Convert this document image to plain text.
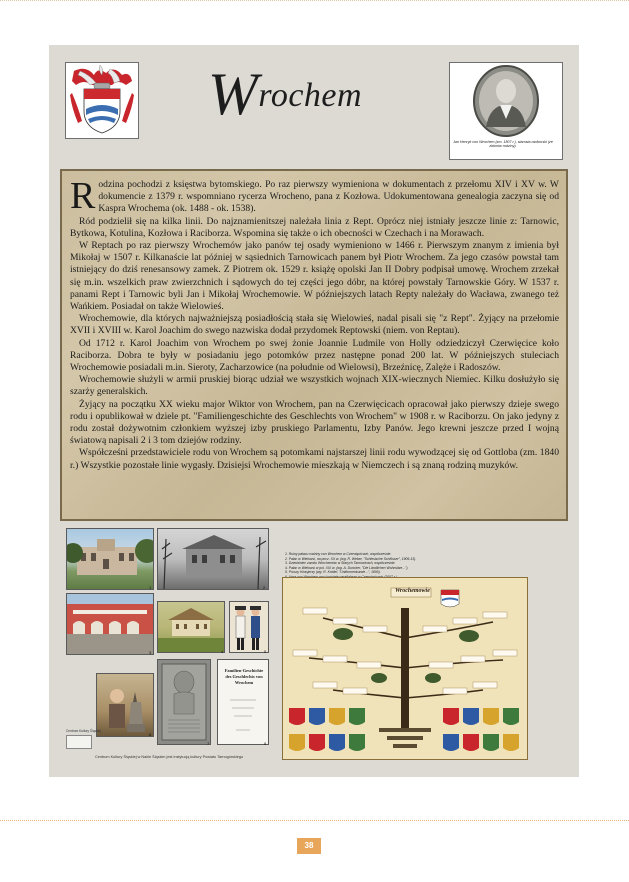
Wrochem
Jan Henryk von Wrochem (zm. 1807 r.), starosta raciborski (ze zbiorów rodziny).
1	2
3	4	5
6
7
Familien-Geschichte des Geschlechts von Wrochem
8
Centrum Kultury Śląskiej
Centrum Kultury Śląskiej w Nakle Śląskim jest instytucją kultury Powiatu Tarnogórskiego
1. Ruiny pałacu rodziny von Wrochem w Czerwięcicach, współcześnie.
2. Pałac w Wielowsi, na pocz. XX w. (wg. R. Weber, "Schlesische Schlösser", 1909-13).
3. Dziedziniec zamku Wrochemów w Starych Tarnowicach, współcześnie.
4. Pałac w Wielowsi w poł. XIX w. (wg. A. Duncker, "Die Ländlichen Wohnsitze...").
5. Pruscy Kirasjerzy (wg. R. Knötel, "Uniformenkunde...", 1890).
Wrochemowie
R odzina pochodzi z księstwa bytomskiego. Po raz pierwszy wymieniona w dokumentach z przełomu XIV i XV w. W dokumencie z 1379 r. wspomniano rycerza Wrocheno, pana z Kozłowa. Udokumentowana genealogia zaczyna się od Kaspra Wrochema (ok. 1488 - ok. 1538).

Ród podzielił się na kilka linii. Do najznamienitszej należała linia z Rept. Oprócz niej istniały jeszcze linie z: Tarnowic, Bytkowa, Kotulina, Kozłowa i Raciborza. Wspomina się także o ich obecności w Czechach i na Morawach.

W Reptach po raz pierwszy Wrochemów jako panów tej osady wymieniono w 1466 r. Pierwszym znanym z imienia był Mikołaj w 1507 r. Kilkanaście lat później w sąsiednich Tarnowicach panem był Piotr Wrochem. Za jego czasów powstał tam istniejący do dziś renesansowy zamek. Z Piotrem ok. 1529 r. książę opolski Jan II Dobry podpisał umowę. Wrochem zrzekał się m.in. wszelkich praw zwierzchnich i sądowych do tej części jego dóbr, na której powstały Tarnowskie Góry. W 1537 r. panami Rept i Tarnowic byli Jan i Mikołaj Wrochemowie. W późniejszych latach Repty należały do Wacława, zwanego też Wańkiem. Posiadał on także Wielowieś.

Wrochemowie, dla których najważniejszą posiadłością stała się Wielowieś, nadal pisali się "z Rept". Żyjący na przełomie XVII i XVIII w. Karol Joachim do swego nazwiska dodał przydomek Reptowski (niem. von Reptau).

Od 1712 r. Karol Joachim von Wrochem po swej żonie Joannie Ludmile von Holly odziedziczył Czerwięcice koło Raciborza. Dobra te były w posiadaniu jego potomków przez następne ponad 200 lat. W późniejszych stuleciach Wrochemowie posiadali m.in. Sieroty, Zacharzowice (na południe od Wielowsi), Brzeźnicę, Zalęże i Radoszów.

Wrochemowie służyli w armii pruskiej biorąc udział we wszystkich wojnach XIX-wiecznych Niemiec. Kilku dosłużyło się szarży generalskich.

Żyjący na początku XX wieku major Wiktor von Wrochem, pan na Czerwięcicach opracował jako pierwszy dzieje swego rodu i opublikował w dziele pt. "Familiengeschichte des Geschlechts von Wrochem" w 1908 r. w Raciborzu. On jako jedyny z rodu został dożywotnim członkiem wyższej izby pruskiego Parlamentu, Izby Panów. Jego krewni jeszcze przed I wojną światową napisali 2 i 3 tom dziejów rodziny.

Współcześni przedstawiciele rodu von Wrochem są potomkami najstarszej linii rodu wywodzącej się od Gottloba (zm. 1840 r.) Wszystkie pozostałe linie wygasły. Dzisiejsi Wrochemowie mieszkają w Niemczech i są znaną rodziną muzyków.

38
